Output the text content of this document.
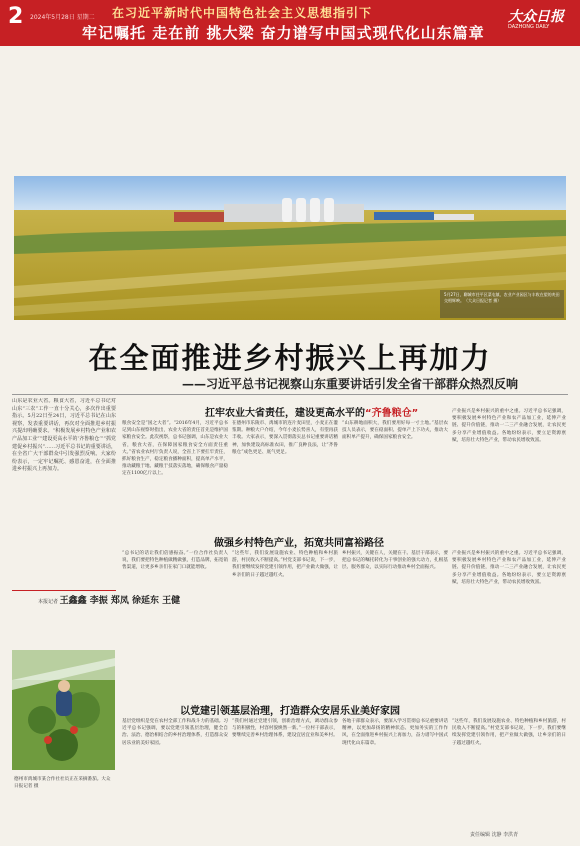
2 2024年5月28日 星期二 在习近平新时代中国特色社会主义思想指引下
牢记嘱托 走在前 挑大梁 奋力谱写中国式现代化山东篇章
大众日报
DAZHONG DAILY
5月27日，聊城市茌平区菜屯镇，农业产业园区与丰收在望的麦田交相辉映。（大众日报记者 摄）
在全面推进乡村振兴上再加力
——习近平总书记视察山东重要讲话引发全省干部群众热烈反响
山东是农业大省。粮食大省，习近平总书记对山东“三农”工作一直十分关心，多次作出重要指示。5月22日至24日，习近平总书记在山东视察，发表重要讲话，再次对全面推进乡村振兴提出明确要求。“积极发展乡村特色产业和农产品加工业”“建设更高水平的‘齐鲁粮仓’”“抓党建促乡村振兴”……习近平总书记的重要讲话，在全省广大干部群众中引发强烈反响。大家纷纷表示，一定牢记嘱托、感恩奋进，在全面推进乡村振兴上再加力。
本报记者 王鑫鑫 李振 郑凤 徐延东 王健
德州市禹城市某合作社社员正在采摘番茄。大众日报记者 摄
扛牢农业大省责任，建设更高水平的“齐鲁粮仓”
粮食安全是“国之大者”。“2016年4月，习近平总书记到山东视察时指出，农业大省的责任首先是维护国家粮食安全。此次视察，总书记强调，山东是农业大省，粮食大省，在保障国家粮食安全方面责任重大。”省农业农村厅负责人说，全省上下要扛牢责任，抓好粮食生产，稳定粮食播种面积，提高单产水平，推动藏粮于地、藏粮于技落实落地，确保粮食产量稳定在1100亿斤以上。
在德州市乐陵市、禹城市的连片麦田里，小麦正在灌浆期。种粮大户介绍，今年小麦长势喜人，有望再获丰收。大家表示，要深入贯彻落实总书记重要讲话精神，加快建设高标准农田，推广良种良法，让“齐鲁粮仓”成色更足、底气更足。
“山东耕地面积大，我们要用好每一寸土地。”基层农技人员表示，要在稳面积、提单产上下功夫，推动大面积单产提升，确保国家粮食安全。
产业振兴是乡村振兴的重中之重。习近平总书记强调，要积极发展乡村特色产业和农产品加工业，延伸产业链、提升价值链，推动一二三产业融合发展，让农民更多分享产业增值收益。各地纷纷表示，要立足资源禀赋，培育壮大特色产业，带动农民增收致富。
做强乡村特色产业，拓宽共同富裕路径
“总书记的话让我们倍感振奋。”一位合作社负责人说，我们要把特色种植做精做强，打造品牌，拓宽销售渠道，让更多乡亲们在家门口就能增收。
“这些年，我们发展设施农业、特色种植和乡村旅游，村民收入不断提高。”村党支部书记说，下一步，我们要继续发挥党建引领作用，把产业做大做强，让乡亲们的日子越过越红火。
乡村振兴，关键在人，关键在干。基层干部表示，要把总书记的嘱托转化为干事创业的强大动力，扎根基层、服务群众，以实际行动推动乡村全面振兴。
产业振兴是乡村振兴的重中之重。习近平总书记强调，要积极发展乡村特色产业和农产品加工业，延伸产业链、提升价值链，推动一二三产业融合发展，让农民更多分享产业增值收益。各地纷纷表示，要立足资源禀赋，培育壮大特色产业，带动农民增收致富。
以党建引领基层治理，打造群众安居乐业美好家园
基层党组织是党在农村全部工作和战斗力的基础。习近平总书记强调，要以党建引领基层治理，健全自治、法治、德治相结合的乡村治理体系，打造群众安居乐业的美好家园。
“我们村通过党建引领，创新治理方式，调动群众参与的积极性，村容村貌焕然一新。”一位村干部表示，要继续完善乡村治理体系，建设宜居宜业和美乡村。
各地干部群众表示，要深入学习贯彻总书记重要讲话精神，以更加昂扬的精神状态、更加务实的工作作风，在全面推进乡村振兴上再加力，奋力谱写中国式现代化山东篇章。
“这些年，我们发展设施农业、特色种植和乡村旅游，村民收入不断提高。”村党支部书记说，下一步，我们要继续发挥党建引领作用，把产业做大做强，让乡亲们的日子越过越红火。
责任编辑 沈静 李洪青
